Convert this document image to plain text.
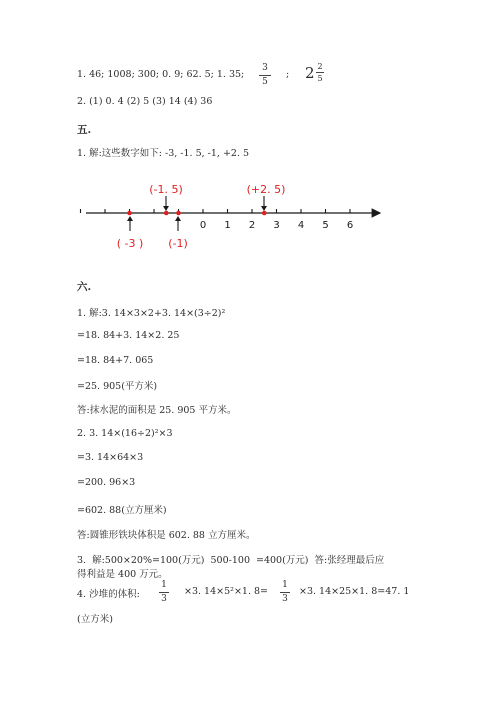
1. 46; 1008; 300; 0. 9; 62. 5; 1. 35;
3
5
; 2 2
5
2. (1) 0. 4 (2) 5 (3) 14 (4) 36
五.
1. 解:这些数字如下: -3, -1. 5, -1, +2. 5
0 1 2 3 4 5 6
(-1. 5)	(+2. 5)
( -3 ) (-1)
六.
1. 解:3. 14×3×2+3. 14×(3÷2)²
=18. 84+3. 14×2. 25
=18. 84+7. 065
=25. 905(平方米)
答:抹水泥的面积是 25. 905 平方米。
2. 3. 14×(16÷2)²×3
=3. 14×64×3
=200. 96×3
=602. 88(立方厘米)
答:圆锥形铁块体积是 602. 88 立方厘米。
3. 解:500×20%=100(万元) 500-100 =400(万元) 答:张经理最后应
得利益是 400 万元。
4. 沙堆的体积:
1
3
×3. 14×5²×1. 8=
1
3
×3. 14×25×1. 8=47. 1
(立方米)
